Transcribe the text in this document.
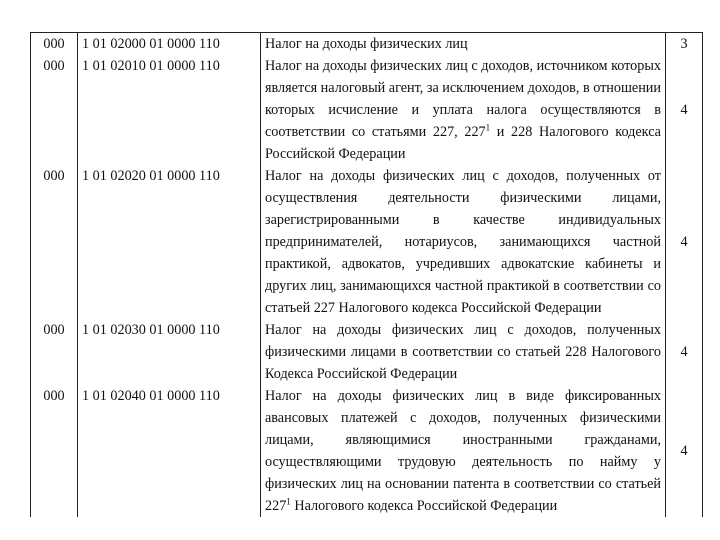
000	1 01 02000 01 0000 110	Налог на доходы физических лиц	3
000	1 01 02010 01 0000 110	Налог на доходы физических лиц с доходов, источником которых является налоговый агент, за исключением доходов, в отношении которых исчисление и уплата налога осуществляются в соответствии со статьями 227, $227^1$ и 228 Налогового кодекса Российской Федерации	4
000	1 01 02020 01 0000 110	Налог на доходы физических лиц с доходов, полученных от осуществления деятельности физическими лицами, зарегистрированными в качестве индивидуальных предпринимателей, нотариусов, занимающихся частной практикой, адвокатов, учредивших адвокатские кабинеты и других лиц, занимающихся частной практикой в соответствии со статьей 227 Налогового кодекса Российской Федерации	4
000	1 01 02030 01 0000 110	Налог на доходы физических лиц с доходов, полученных физическими лицами в соответствии со статьей 228 Налогового Кодекса Российской Федерации	4
000	1 01 02040 01 0000 110	Налог на доходы физических лиц в виде фиксированных авансовых платежей с доходов, полученных физическими лицами, являющимися иностранными гражданами, осуществляющими трудовую деятельность по найму у физических лиц на основании патента в соответствии со статьей $227^1$ Налогового кодекса Российской Федерации	4
